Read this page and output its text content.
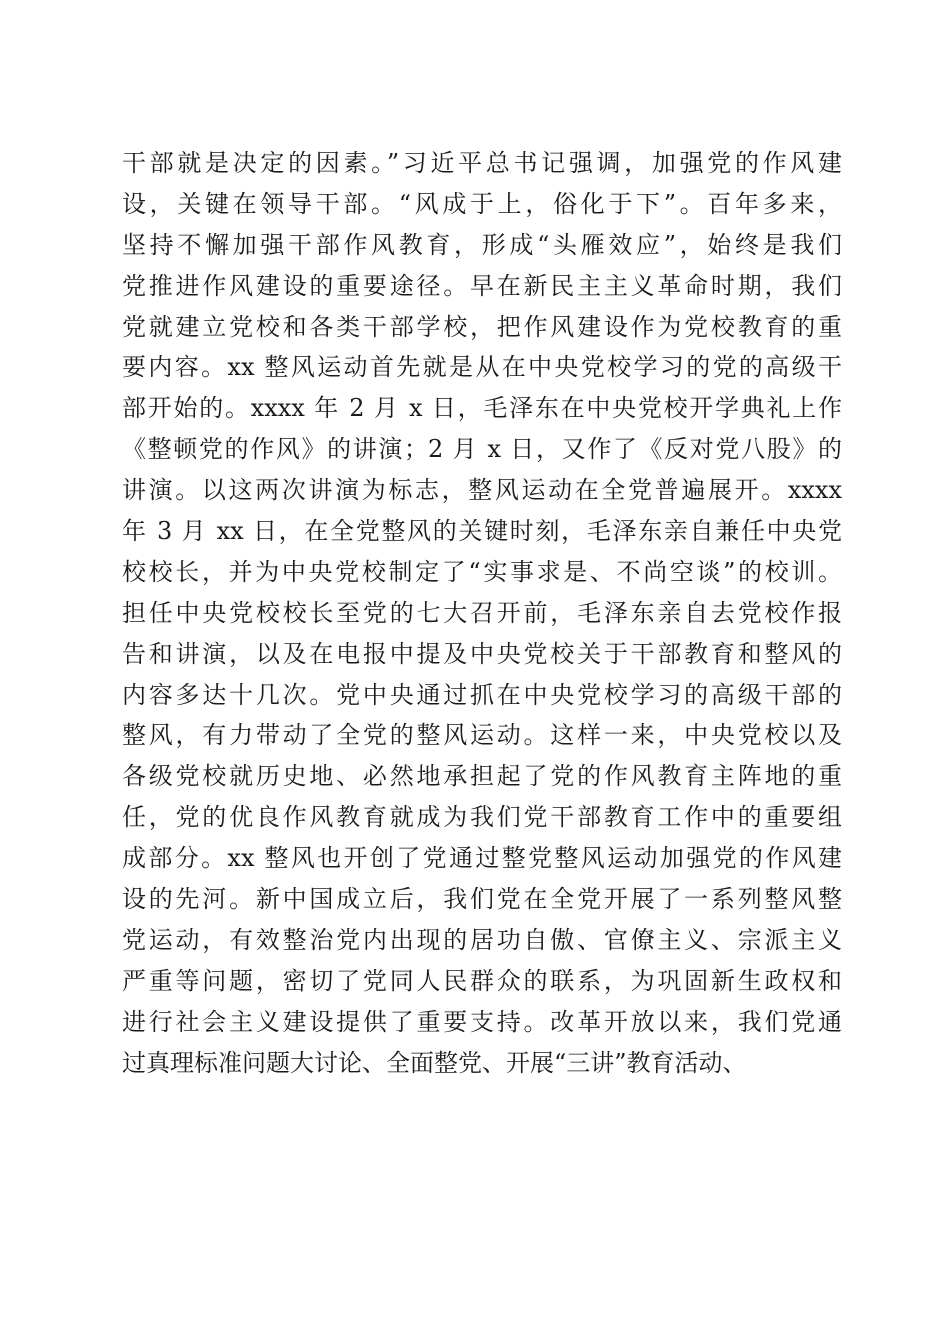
干部就是决定的因素。”习近平总书记强调，加强党的作风建
设，关键在领导干部。“风成于上，俗化于下”。百年多来，
坚持不懈加强干部作风教育，形成“头雁效应”，始终是我们
党推进作风建设的重要途径。早在新民主主义革命时期，我们
党就建立党校和各类干部学校，把作风建设作为党校教育的重
要内容。xx 整风运动首先就是从在中央党校学习的党的高级干
部开始的。xxxx 年 2 月 x 日，毛泽东在中央党校开学典礼上作
《整顿党的作风》的讲演；2 月 x 日，又作了《反对党八股》的
讲演。以这两次讲演为标志，整风运动在全党普遍展开。xxxx
年 3 月 xx 日，在全党整风的关键时刻，毛泽东亲自兼任中央党
校校长，并为中央党校制定了“实事求是、不尚空谈”的校训。
担任中央党校校长至党的七大召开前，毛泽东亲自去党校作报
告和讲演，以及在电报中提及中央党校关于干部教育和整风的
内容多达十几次。党中央通过抓在中央党校学习的高级干部的
整风，有力带动了全党的整风运动。这样一来，中央党校以及
各级党校就历史地、必然地承担起了党的作风教育主阵地的重
任，党的优良作风教育就成为我们党干部教育工作中的重要组
成部分。xx 整风也开创了党通过整党整风运动加强党的作风建
设的先河。新中国成立后，我们党在全党开展了一系列整风整
党运动，有效整治党内出现的居功自傲、官僚主义、宗派主义
严重等问题，密切了党同人民群众的联系，为巩固新生政权和
进行社会主义建设提供了重要支持。改革开放以来，我们党通
过真理标准问题大讨论、全面整党、开展“三讲”教育活动、
